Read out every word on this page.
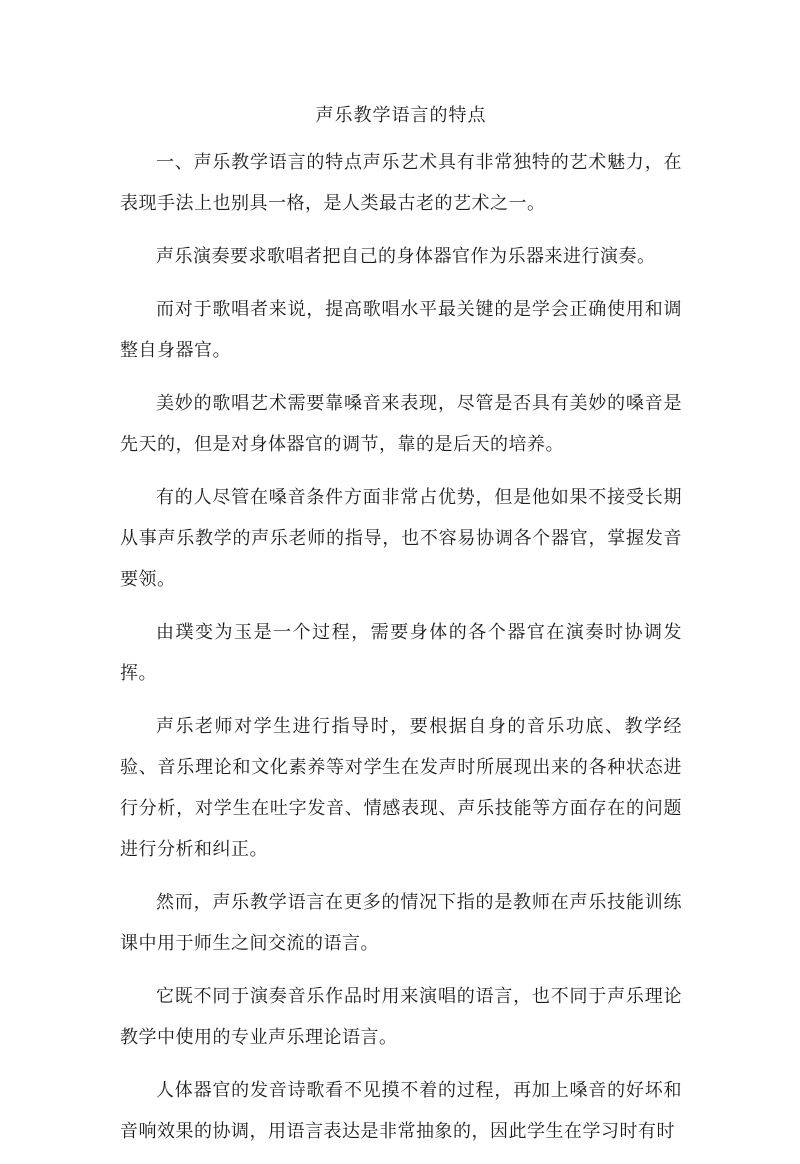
声乐教学语言的特点

一、声乐教学语言的特点声乐艺术具有非常独特的艺术魅力，在表现手法上也别具一格，是人类最古老的艺术之一。

声乐演奏要求歌唱者把自己的身体器官作为乐器来进行演奏。

而对于歌唱者来说，提高歌唱水平最关键的是学会正确使用和调整自身器官。

美妙的歌唱艺术需要靠嗓音来表现，尽管是否具有美妙的嗓音是先天的，但是对身体器官的调节，靠的是后天的培养。

有的人尽管在嗓音条件方面非常占优势，但是他如果不接受长期从事声乐教学的声乐老师的指导，也不容易协调各个器官，掌握发音要领。

由璞变为玉是一个过程，需要身体的各个器官在演奏时协调发挥。

声乐老师对学生进行指导时，要根据自身的音乐功底、教学经验、音乐理论和文化素养等对学生在发声时所展现出来的各种状态进行分析，对学生在吐字发音、情感表现、声乐技能等方面存在的问题进行分析和纠正。

然而，声乐教学语言在更多的情况下指的是教师在声乐技能训练课中用于师生之间交流的语言。

它既不同于演奏音乐作品时用来演唱的语言，也不同于声乐理论教学中使用的专业声乐理论语言。

人体器官的发音诗歌看不见摸不着的过程，再加上嗓音的好坏和音响效果的协调，用语言表达是非常抽象的，因此学生在学习时有时
